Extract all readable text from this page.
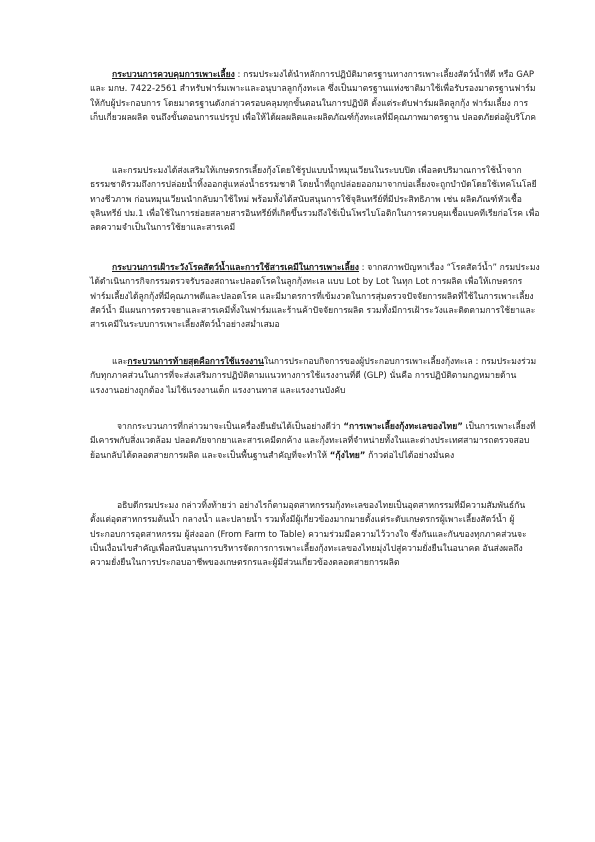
กระบวนการควบคุมการเพาะเลี้ยง : กรมประมงได้นำหลักการปฏิบัติมาตรฐานทางการเพาะเลี้ยงสัตว์น้ำที่ดี หรือ GAP และ มกษ. 7422-2561 สำหรับฟาร์มเพาะและอนุบาลลูกกุ้งทะเล ซึ่งเป็นมาตรฐานแห่งชาติมาใช้เพื่อรับรองมาตรฐานฟาร์มให้กับผู้ประกอบการ โดยมาตรฐานดังกล่าวครอบคลุมทุกขั้นตอนในการปฏิบัติ ตั้งแต่ระดับฟาร์มผลิตลูกกุ้ง ฟาร์มเลี้ยง การเก็บเกี่ยวผลผลิต จนถึงขั้นตอนการแปรรูป เพื่อให้ได้ผลผลิตและผลิตภัณฑ์กุ้งทะเลที่มีคุณภาพมาตรฐาน ปลอดภัยต่อผู้บริโภค

และกรมประมงได้ส่งเสริมให้เกษตรกรเลี้ยงกุ้งโดยใช้รูปแบบน้ำหมุนเวียนในระบบปิด เพื่อลดปริมาณการใช้น้ำจากธรรมชาติรวมถึงการปล่อยน้ำทิ้งออกสู่แหล่งน้ำธรรมชาติ โดยน้ำที่ถูกปล่อยออกมาจากบ่อเลี้ยงจะถูกบำบัดโดยใช้เทคโนโลยีทางชีวภาพ ก่อนหมุนเวียนนำกลับมาใช้ใหม่ พร้อมทั้งได้สนับสนุนการใช้จุลินทรีย์ที่มีประสิทธิภาพ เช่น ผลิตภัณฑ์หัวเชื้อจุลินทรีย์ ปม.1 เพื่อใช้ในการย่อยสลายสารอินทรีย์ที่เกิดขึ้นรวมถึงใช้เป็นโพรไบโอติกในการควบคุมเชื้อแบคทีเรียก่อโรค เพื่อลดความจำเป็นในการใช้ยาและสารเคมี

กระบวนการเฝ้าระวังโรคสัตว์น้ำและการใช้สารเคมีในการเพาะเลี้ยง : จากสภาพปัญหาเรื่อง “โรคสัตว์น้ำ” กรมประมงได้ดำเนินการกิจกรรมตรวจรับรองสถานะปลอดโรคในลูกกุ้งทะเล แบบ Lot by Lot ในทุก Lot การผลิต เพื่อให้เกษตรกรฟาร์มเลี้ยงได้ลูกกุ้งที่มีคุณภาพดีและปลอดโรค และมีมาตรการที่เข้มงวดในการสุ่มตรวจปัจจัยการผลิตที่ใช้ในการเพาะเลี้ยงสัตว์น้ำ มีแผนการตรวจยาและสารเคมีทั้งในฟาร์มและร้านค้าปัจจัยการผลิต รวมทั้งมีการเฝ้าระวังและติดตามการใช้ยาและสารเคมีในระบบการเพาะเลี้ยงสัตว์น้ำอย่างสม่ำเสมอ

และกระบวนการท้ายสุดคือการใช้แรงงานในการประกอบกิจการของผู้ประกอบการเพาะเลี้ยงกุ้งทะเล : กรมประมงร่วมกับทุกภาคส่วนในการที่จะส่งเสริมการปฏิบัติตามแนวทางการใช้แรงงานที่ดี (GLP) นั่นคือ การปฏิบัติตามกฎหมายด้านแรงงานอย่างถูกต้อง ไม่ใช้แรงงานเด็ก แรงงานทาส และแรงงานบังคับ

จากกระบวนการที่กล่าวมาจะเป็นเครื่องยืนยันได้เป็นอย่างดีว่า “การเพาะเลี้ยงกุ้งทะเลของไทย” เป็นการเพาะเลี้ยงที่มีเคารพกับสิ่งแวดล้อม ปลอดภัยจากยาและสารเคมีตกค้าง และกุ้งทะเลที่จำหน่ายทั้งในและต่างประเทศสามารถตรวจสอบย้อนกลับได้ตลอดสายการผลิต และจะเป็นพื้นฐานสำคัญที่จะทำให้ “กุ้งไทย” ก้าวต่อไปได้อย่างมั่นคง

อธิบดีกรมประมง กล่าวทิ้งท้ายว่า อย่างไรก็ตามอุตสาหกรรมกุ้งทะเลของไทยเป็นอุตสาหกรรมที่มีความสัมพันธ์กันตั้งแต่อุตสาหกรรมต้นน้ำ กลางน้ำ และปลายน้ำ รวมทั้งมีผู้เกี่ยวข้องมากมายตั้งแต่ระดับเกษตรกรผู้เพาะเลี้ยงสัตว์น้ำ ผู้ประกอบการอุตสาหกรรม ผู้ส่งออก (From Farm to Table) ความร่วมมือความไว้วางใจ ซึ่งกันและกันของทุกภาคส่วนจะเป็นเงื่อนไขสำคัญเพื่อสนับสนุนการบริหารจัดการการเพาะเลี้ยงกุ้งทะเลของไทยมุ่งไปสู่ความยั่งยืนในอนาคต อันส่งผลถึงความยั่งยืนในการประกอบอาชีพของเกษตรกรและผู้มีส่วนเกี่ยวข้องตลอดสายการผลิต
